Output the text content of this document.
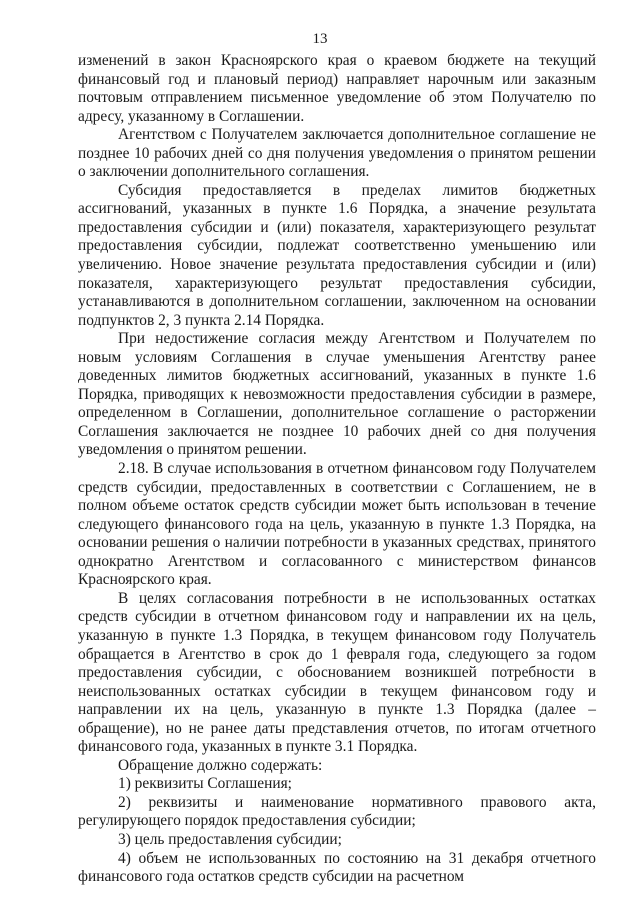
13

изменений в закон Красноярского края о краевом бюджете на текущий финансовый год и плановый период) направляет нарочным или заказным почтовым отправлением письменное уведомление об этом Получателю по адресу, указанному в Соглашении.

Агентством с Получателем заключается дополнительное соглашение не позднее 10 рабочих дней со дня получения уведомления о принятом решении о заключении дополнительного соглашения.

Субсидия предоставляется в пределах лимитов бюджетных ассигнований, указанных в пункте 1.6 Порядка, а значение результата предоставления субсидии и (или) показателя, характеризующего результат предоставления субсидии, подлежат соответственно уменьшению или увеличению. Новое значение результата предоставления субсидии и (или) показателя, характеризующего результат предоставления субсидии, устанавливаются в дополнительном соглашении, заключенном на основании подпунктов 2, 3 пункта 2.14 Порядка.

При недостижение согласия между Агентством и Получателем по новым условиям Соглашения в случае уменьшения Агентству ранее доведенных лимитов бюджетных ассигнований, указанных в пункте 1.6 Порядка, приводящих к невозможности предоставления субсидии в размере, определенном в Соглашении, дополнительное соглашение о расторжении Соглашения заключается не позднее 10 рабочих дней со дня получения уведомления о принятом решении.

2.18. В случае использования в отчетном финансовом году Получателем средств субсидии, предоставленных в соответствии с Соглашением, не в полном объеме остаток средств субсидии может быть использован в течение следующего финансового года на цель, указанную в пункте 1.3 Порядка, на основании решения о наличии потребности в указанных средствах, принятого однократно Агентством и согласованного с министерством финансов Красноярского края.

В целях согласования потребности в не использованных остатках средств субсидии в отчетном финансовом году и направлении их на цель, указанную в пункте 1.3 Порядка, в текущем финансовом году Получатель обращается в Агентство в срок до 1 февраля года, следующего за годом предоставления субсидии, с обоснованием возникшей потребности в неиспользованных остатках субсидии в текущем финансовом году и направлении их на цель, указанную в пункте 1.3 Порядка (далее – обращение), но не ранее даты представления отчетов, по итогам отчетного финансового года, указанных в пункте 3.1 Порядка.

Обращение должно содержать:

1) реквизиты Соглашения;

2) реквизиты и наименование нормативного правового акта, регулирующего порядок предоставления субсидии;

3) цель предоставления субсидии;

4) объем не использованных по состоянию на 31 декабря отчетного финансового года остатков средств субсидии на расчетном
